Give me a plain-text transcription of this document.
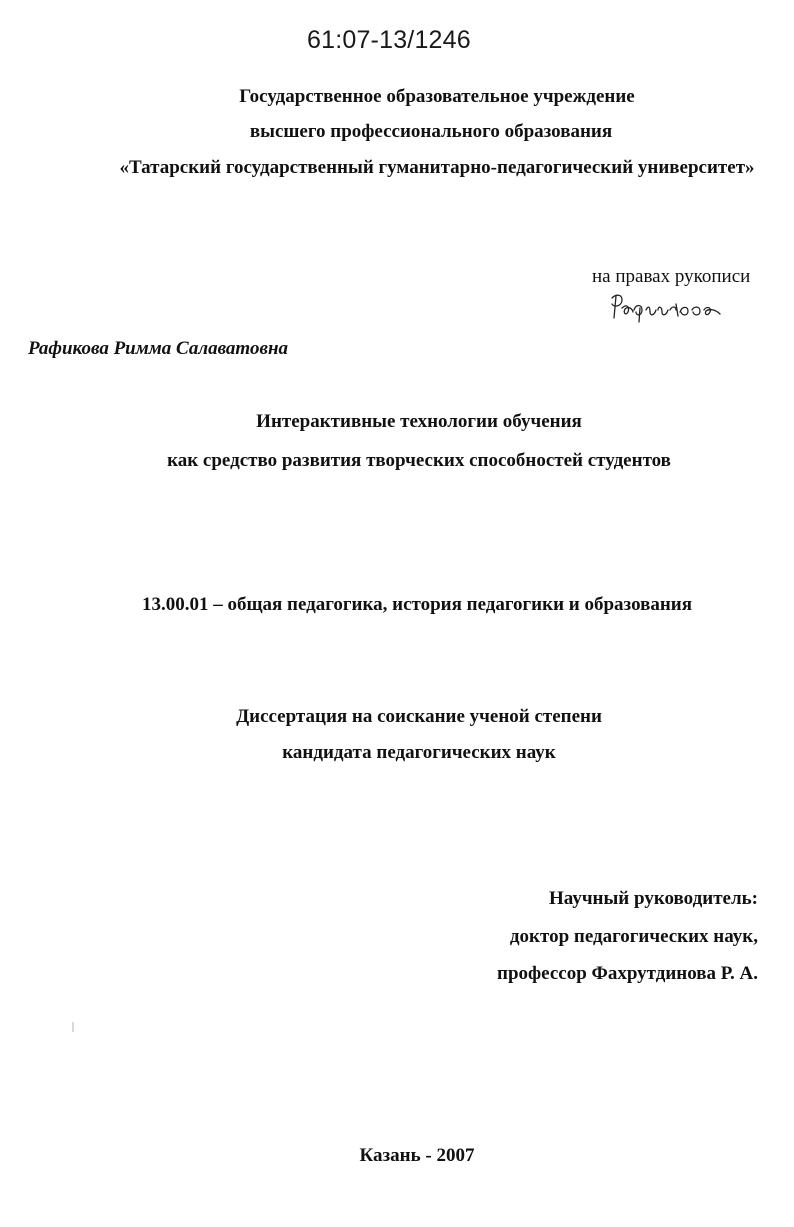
61:07-13/1246
Государственное образовательное учреждение
высшего профессионального образования
«Татарский государственный гуманитарно-педагогический университет»
на правах рукописи
Рафикова Римма Салаватовна
Интерактивные технологии обучения
как средство развития творческих способностей студентов
13.00.01 – общая педагогика, история педагогики и образования
Диссертация на соискание ученой степени
кандидата педагогических наук
Научный руководитель:
доктор педагогических наук,
профессор Фахрутдинова Р. А.
Казань - 2007
